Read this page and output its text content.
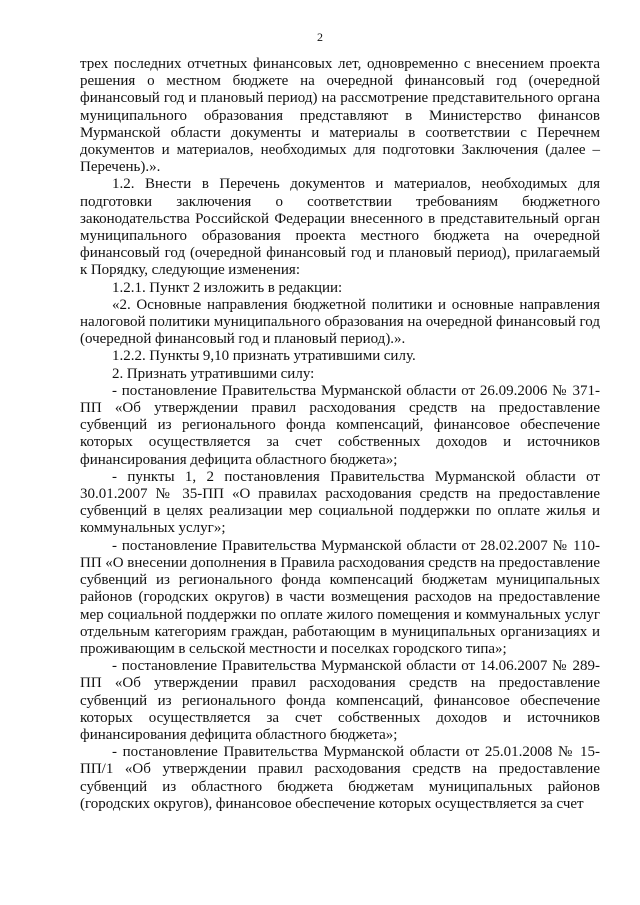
2

трех последних отчетных финансовых лет, одновременно с внесением проекта решения о местном бюджете на очередной финансовый год (очередной финансовый год и плановый период) на рассмотрение представительного органа муниципального образования представляют в Министерство финансов Мурманской области документы и материалы в соответствии с Перечнем документов и материалов, необходимых для подготовки Заключения (далее – Перечень).».

1.2. Внести в Перечень документов и материалов, необходимых для подготовки заключения о соответствии требованиям бюджетного законодательства Российской Федерации внесенного в представительный орган муниципального образования проекта местного бюджета на очередной финансовый год (очередной финансовый год и плановый период), прилагаемый к Порядку, следующие изменения:

1.2.1. Пункт 2 изложить в редакции:

«2. Основные направления бюджетной политики и основные направления налоговой политики муниципального образования на очередной финансовый год (очередной финансовый год и плановый период).».

1.2.2. Пункты 9,10 признать утратившими силу.

2. Признать утратившими силу:

- постановление Правительства Мурманской области от 26.09.2006 № 371-ПП «Об утверждении правил расходования средств на предоставление субвенций из регионального фонда компенсаций, финансовое обеспечение которых осуществляется за счет собственных доходов и источников финансирования дефицита областного бюджета»;

- пункты 1, 2 постановления Правительства Мурманской области от 30.01.2007 № 35-ПП «О правилах расходования средств на предоставление субвенций в целях реализации мер социальной поддержки по оплате жилья и коммунальных услуг»;

- постановление Правительства Мурманской области от 28.02.2007 № 110-ПП «О внесении дополнения в Правила расходования средств на предоставление субвенций из регионального фонда компенсаций бюджетам муниципальных районов (городских округов) в части возмещения расходов на предоставление мер социальной поддержки по оплате жилого помещения и коммунальных услуг отдельным категориям граждан, работающим в муниципальных организациях и проживающим в сельской местности и поселках городского типа»;

- постановление Правительства Мурманской области от 14.06.2007 № 289-ПП «Об утверждении правил расходования средств на предоставление субвенций из регионального фонда компенсаций, финансовое обеспечение которых осуществляется за счет собственных доходов и источников финансирования дефицита областного бюджета»;

- постановление Правительства Мурманской области от 25.01.2008 № 15-ПП/1 «Об утверждении правил расходования средств на предоставление субвенций из областного бюджета бюджетам муниципальных районов (городских округов), финансовое обеспечение которых осуществляется за счет
